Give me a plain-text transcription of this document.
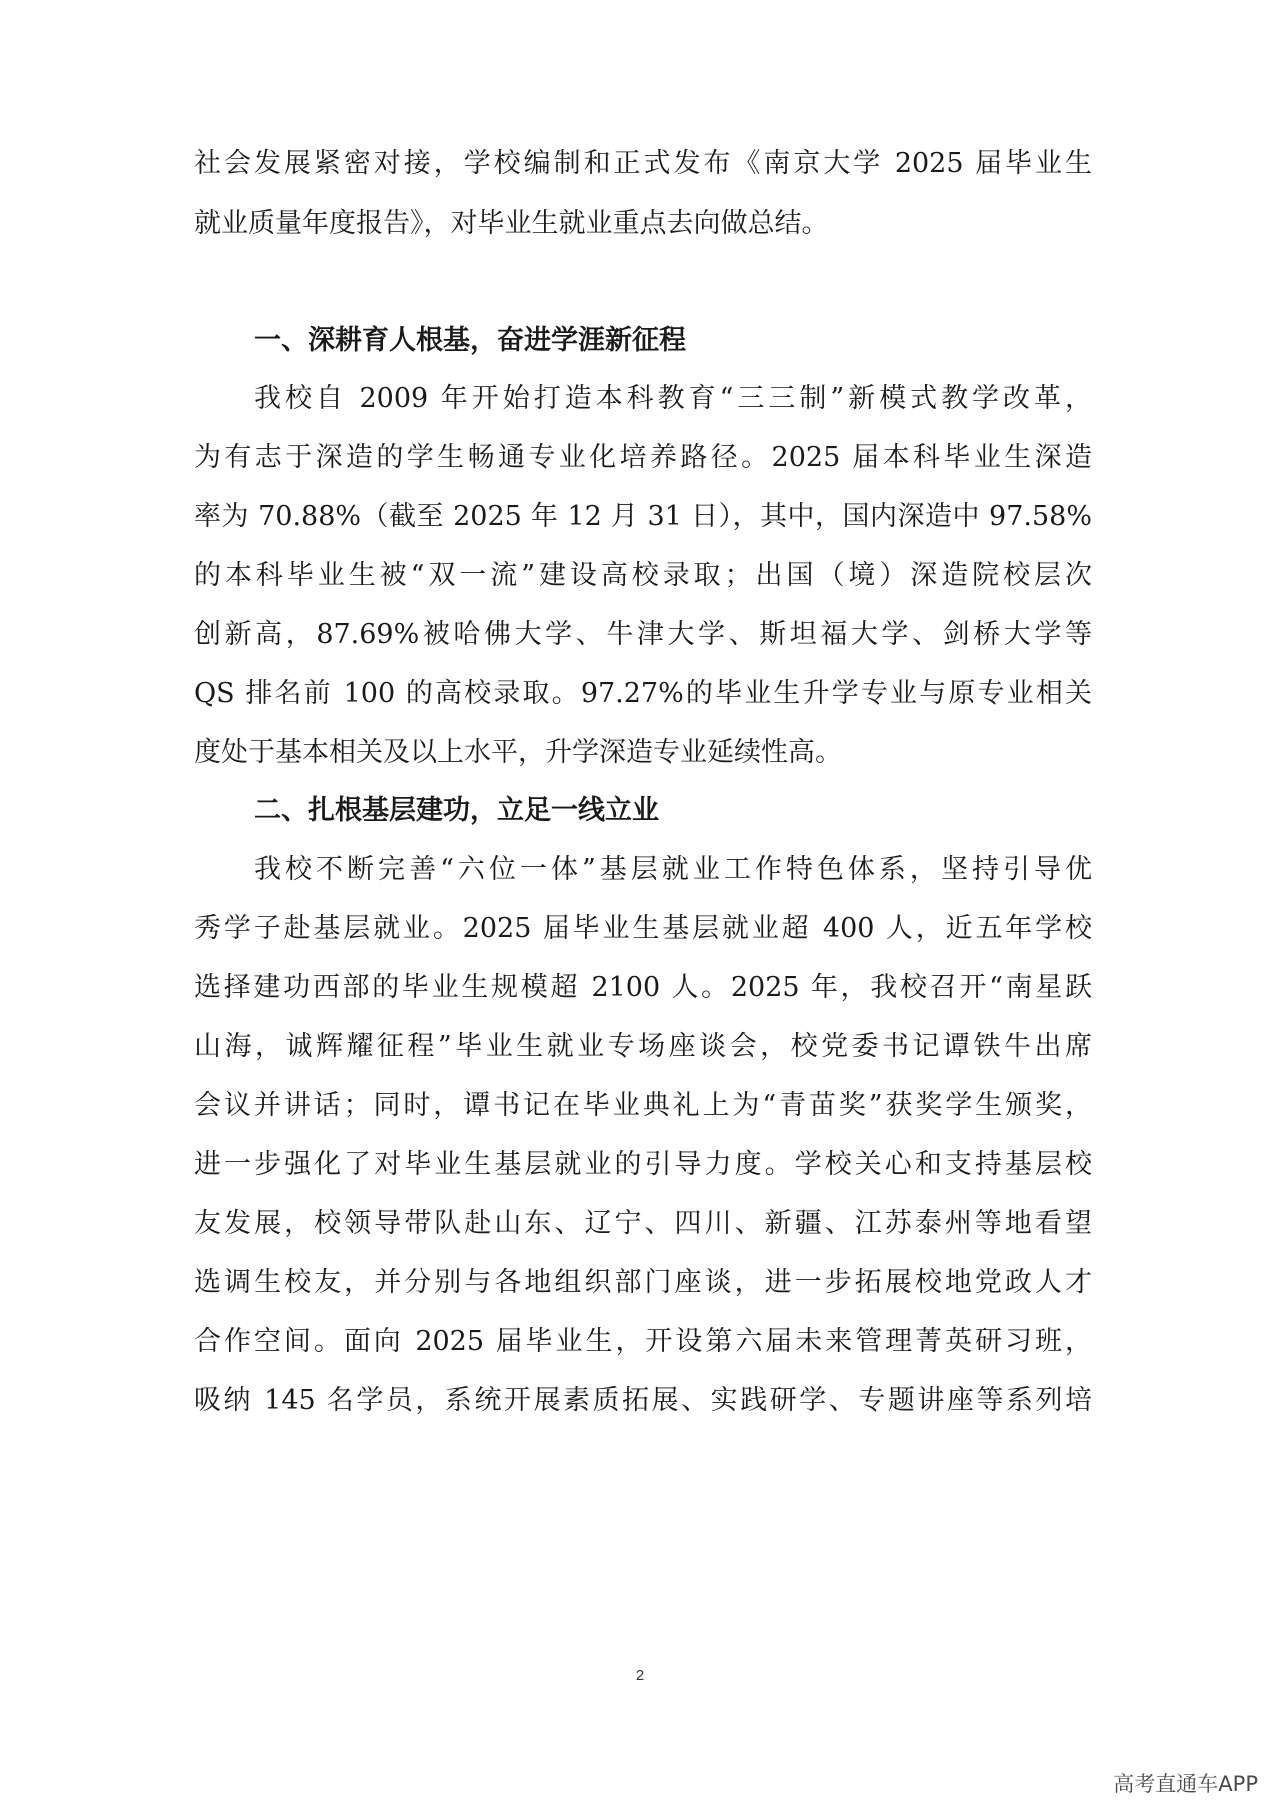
社会发展紧密对接，学校编制和正式发布《南京大学 2025 届毕业生
就业质量年度报告》，对毕业生就业重点去向做总结。
一、深耕育人根基，奋进学涯新征程
我校自 2009 年开始打造本科教育“三三制”新模式教学改革，
为有志于深造的学生畅通专业化培养路径。2025 届本科毕业生深造
率为 70.88%（截至 2025 年 12 月 31 日），其中，国内深造中 97.58%
的本科毕业生被“双一流”建设高校录取；出国（境）深造院校层次
创新高，87.69%被哈佛大学、牛津大学、斯坦福大学、剑桥大学等
QS 排名前 100 的高校录取。97.27%的毕业生升学专业与原专业相关
度处于基本相关及以上水平，升学深造专业延续性高。
二、扎根基层建功，立足一线立业
我校不断完善“六位一体”基层就业工作特色体系，坚持引导优
秀学子赴基层就业。2025 届毕业生基层就业超 400 人，近五年学校
选择建功西部的毕业生规模超 2100 人。2025 年，我校召开“南星跃
山海，诚辉耀征程”毕业生就业专场座谈会，校党委书记谭铁牛出席
会议并讲话；同时，谭书记在毕业典礼上为“青苗奖”获奖学生颁奖，
进一步强化了对毕业生基层就业的引导力度。学校关心和支持基层校
友发展，校领导带队赴山东、辽宁、四川、新疆、江苏泰州等地看望
选调生校友，并分别与各地组织部门座谈，进一步拓展校地党政人才
合作空间。面向 2025 届毕业生，开设第六届未来管理菁英研习班，
吸纳 145 名学员，系统开展素质拓展、实践研学、专题讲座等系列培
2
高考直通车APP
